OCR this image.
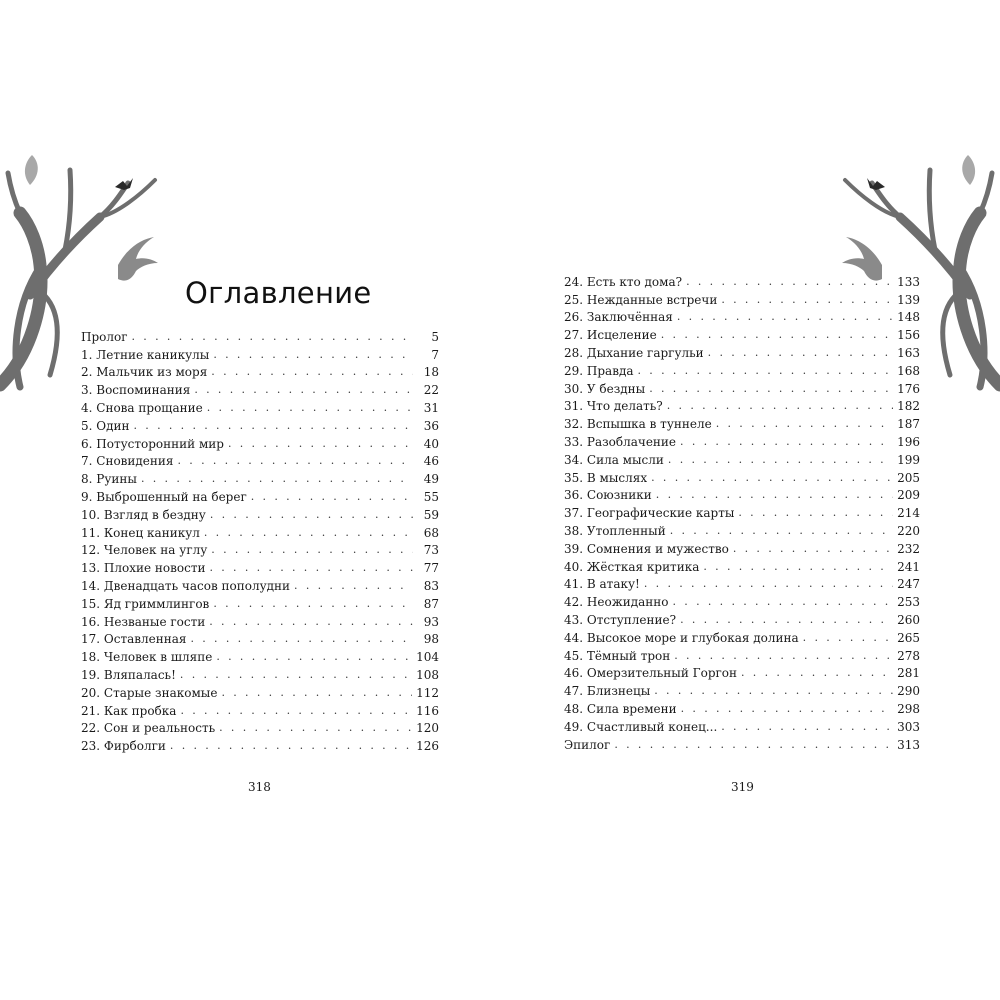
Оглавление
Пролог . . .	5
1. Летние каникулы . . .	7
2. Мальчик из моря . . .	18
3. Воспоминания . . .	22
4. Снова прощание . . .	31
5. Один . . .	36
6. Потусторонний мир . . .	40
7. Сновидения . . .	46
8. Руины . . .	49
9. Выброшенный на берег . . .	55
10. Взгляд в бездну . . .	59
11. Конец каникул . . .	68
12. Человек на углу . . .	73
13. Плохие новости . . .	77
14. Двенадцать часов пополудни . . .	83
15. Яд гриммлингов . . .	87
16. Незваные гости . . .	93
17. Оставленная . . .	98
18. Человек в шляпе . . .	104
19. Вляпалась! . . .	108
20. Старые знакомые . . .	112
21. Как пробка . . .	116
22. Сон и реальность . . .	120
23. Фирболги . . .	126
318
24. Есть кто дома? . . .	133
25. Нежданные встречи . . .	139
26. Заключённая . . .	148
27. Исцеление . . .	156
28. Дыхание гаргульи . . .	163
29. Правда . . .	168
30. У бездны . . .	176
31. Что делать? . . .	182
32. Вспышка в туннеле . . .	187
33. Разоблачение . . .	196
34. Сила мысли . . .	199
35. В мыслях . . .	205
36. Союзники . . .	209
37. Географические карты . . .	214
38. Утопленный . . .	220
39. Сомнения и мужество . . .	232
40. Жёсткая критика . . .	241
41. В атаку! . . .	247
42. Неожиданно . . .	253
43. Отступление? . . .	260
44. Высокое море и глубокая долина . . .	265
45. Тёмный трон . . .	278
46. Омерзительный Горгон . . .	281
47. Близнецы . . .	290
48. Сила времени . . .	298
49. Счастливый конец... . . .	303
Эпилог . . .	313
319
